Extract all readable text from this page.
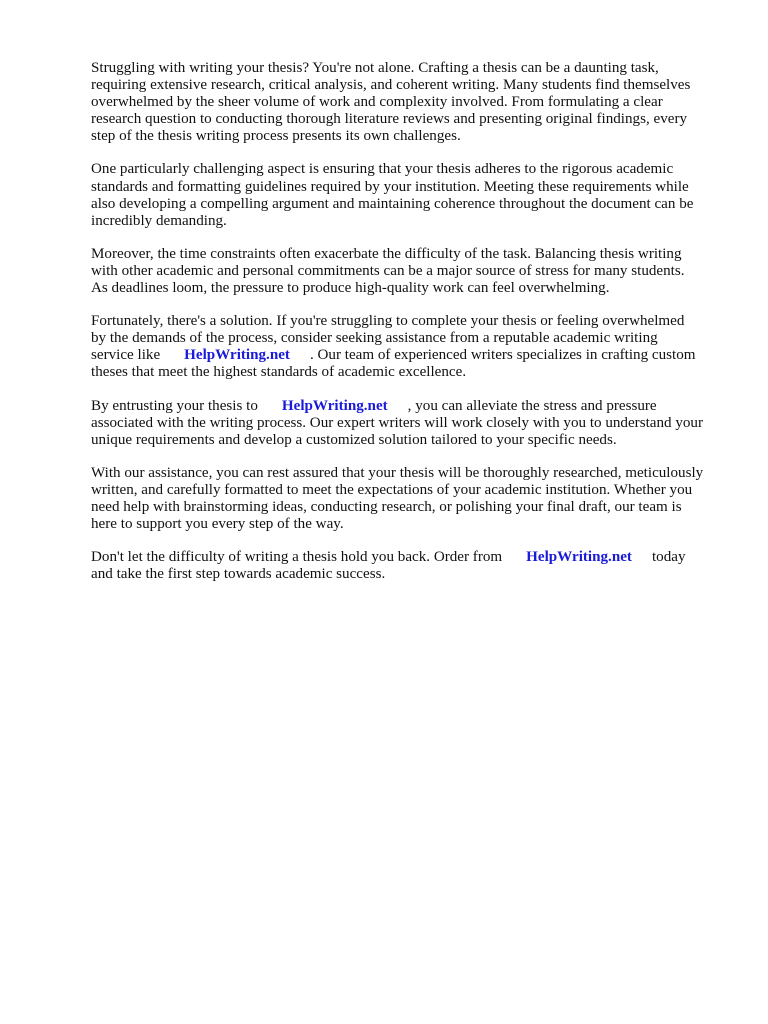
Struggling with writing your thesis? You're not alone. Crafting a thesis can be a daunting task,
requiring extensive research, critical analysis, and coherent writing. Many students find themselves
overwhelmed by the sheer volume of work and complexity involved. From formulating a clear
research question to conducting thorough literature reviews and presenting original findings, every
step of the thesis writing process presents its own challenges.

One particularly challenging aspect is ensuring that your thesis adheres to the rigorous academic
standards and formatting guidelines required by your institution. Meeting these requirements while
also developing a compelling argument and maintaining coherence throughout the document can be
incredibly demanding.

Moreover, the time constraints often exacerbate the difficulty of the task. Balancing thesis writing
with other academic and personal commitments can be a major source of stress for many students.
As deadlines loom, the pressure to produce high-quality work can feel overwhelming.

Fortunately, there's a solution. If you're struggling to complete your thesis or feeling overwhelmed
by the demands of the process, consider seeking assistance from a reputable academic writing
service like HelpWriting.net . Our team of experienced writers specializes in crafting custom
theses that meet the highest standards of academic excellence.

By entrusting your thesis to HelpWriting.net , you can alleviate the stress and pressure
associated with the writing process. Our expert writers will work closely with you to understand your
unique requirements and develop a customized solution tailored to your specific needs.

With our assistance, you can rest assured that your thesis will be thoroughly researched, meticulously
written, and carefully formatted to meet the expectations of your academic institution. Whether you
need help with brainstorming ideas, conducting research, or polishing your final draft, our team is
here to support you every step of the way.

Don't let the difficulty of writing a thesis hold you back. Order from HelpWriting.net today
and take the first step towards academic success.
